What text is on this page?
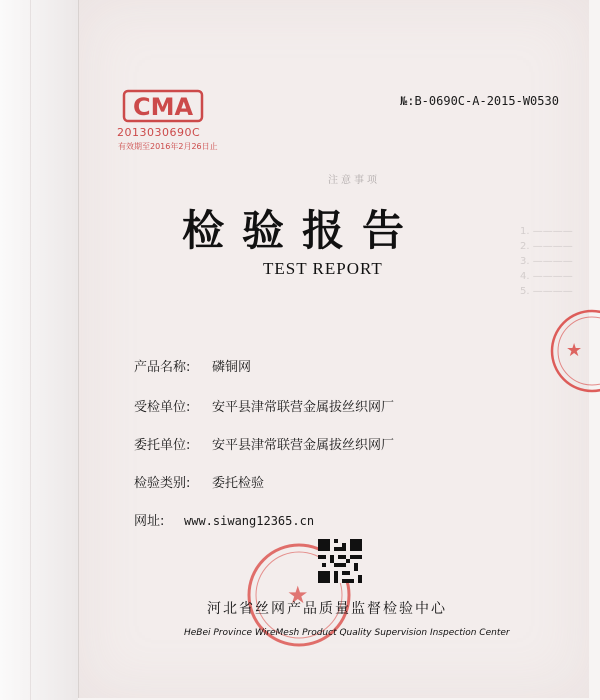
1. ————
2. ————
3. ————
4. ————
5. ————
CMA
2013030690C
有效期至2016年2月26日止
№:B-0690C-A-2015-W0530
注意事项
检验报告
TEST REPORT
产品名称: 磷铜网
受检单位: 安平县津常联营金属拔丝织网厂
委托单位: 安平县津常联营金属拔丝织网厂
检验类别: 委托检验
网址: www.siwang12365.cn
★
★
河北省丝网产品质量监督检验中心
HeBei Province WireMesh Product Quality Supervision Inspection Center
